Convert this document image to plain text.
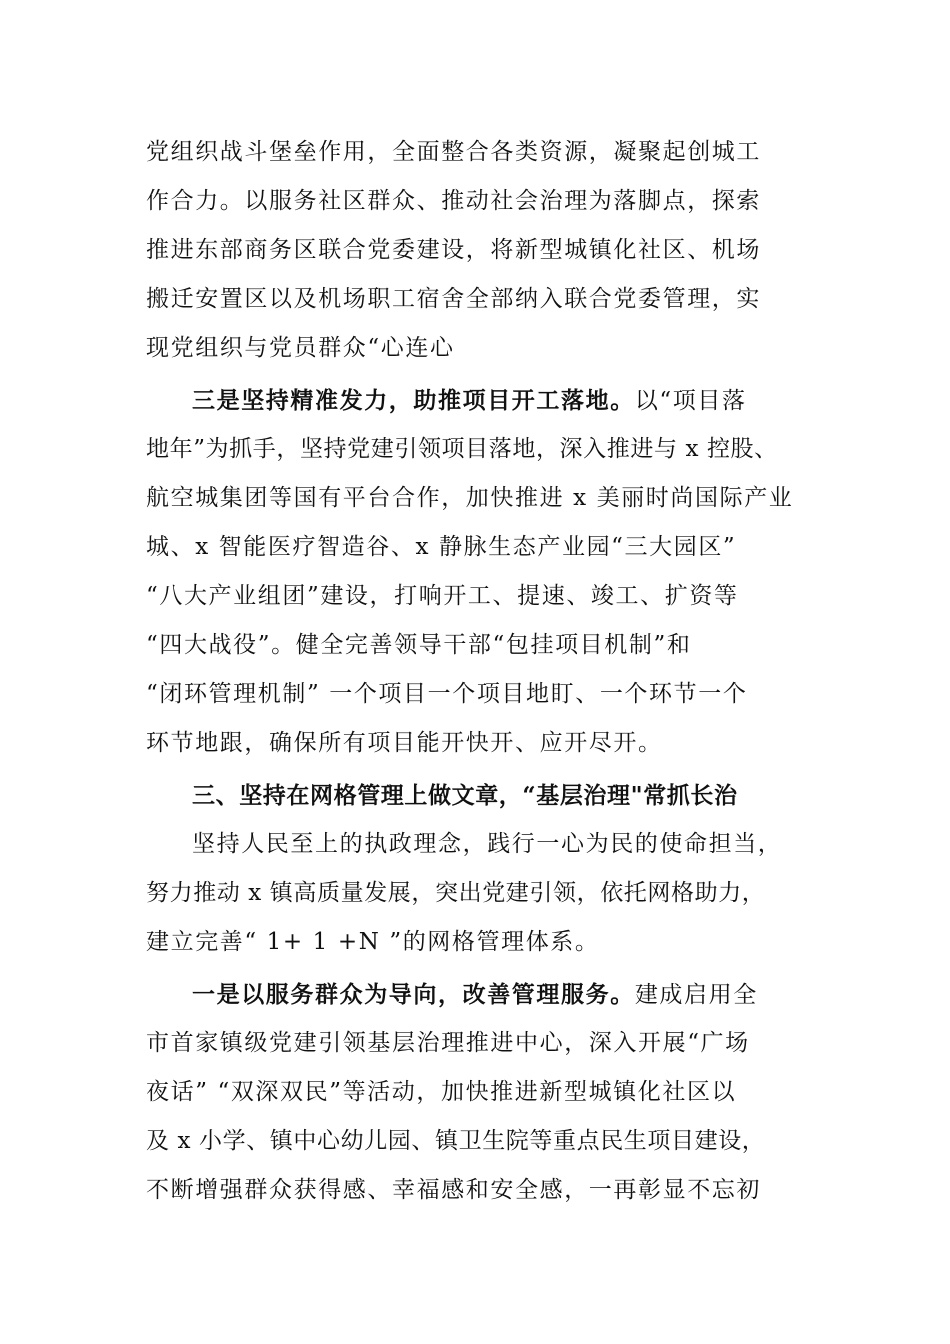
党组织战斗堡垒作用，全面整合各类资源，凝聚起创城工
作合力。以服务社区群众、推动社会治理为落脚点，探索
推进东部商务区联合党委建设，将新型城镇化社区、机场
搬迁安置区以及机场职工宿舍全部纳入联合党委管理，实
现党组织与党员群众“心连心
三是坚持精准发力，助推项目开工落地。以“项目落
地年”为抓手，坚持党建引领项目落地，深入推进与 x 控股、
航空城集团等国有平台合作，加快推进 x 美丽时尚国际产业
城、x 智能医疗智造谷、x 静脉生态产业园“三大园区”
“八大产业组团”建设，打响开工、提速、竣工、扩资等
“四大战役”。健全完善领导干部“包挂项目机制”和
“闭环管理机制” 一个项目一个项目地盯、一个环节一个
环节地跟，确保所有项目能开快开、应开尽开。
三、坚持在网格管理上做文章，“基层治理"常抓长治
坚持人民至上的执政理念，践行一心为民的使命担当，
努力推动 x 镇高质量发展，突出党建引领，依托网格助力，
建立完善“ 1+ 1 +N ”的网格管理体系。
一是以服务群众为导向，改善管理服务。建成启用全
市首家镇级党建引领基层治理推进中心，深入开展“广场
夜话” “双深双民”等活动，加快推进新型城镇化社区以
及 x 小学、镇中心幼儿园、镇卫生院等重点民生项目建设，
不断增强群众获得感、幸福感和安全感，一再彰显不忘初
